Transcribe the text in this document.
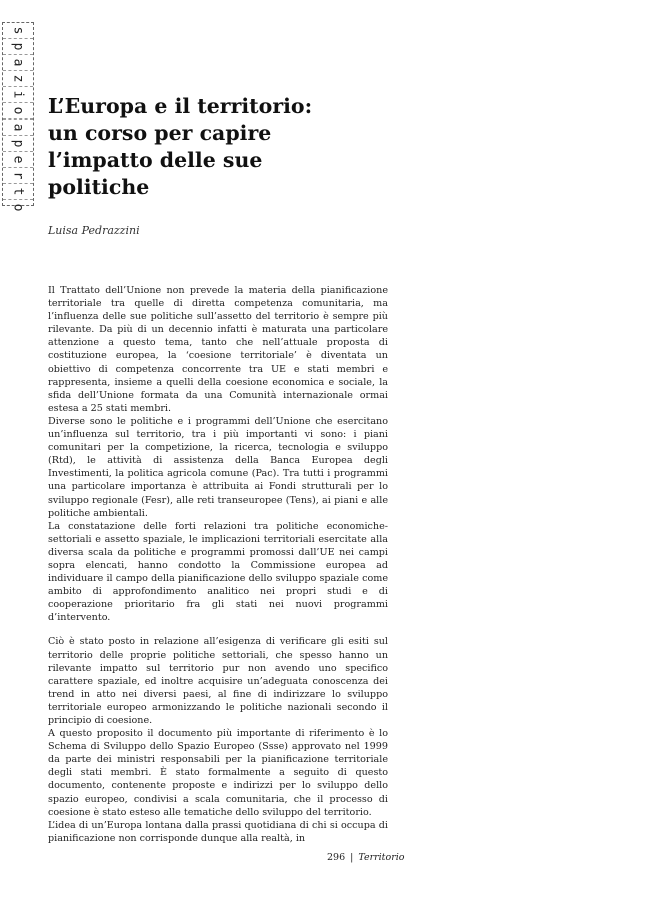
s
p
a
z
i
o
a
p
e
r
t
o
L’Europa e il territorio: un corso per capire l’impatto delle sue politiche

Luisa Pedrazzini

Il Trattato dell’Unione non prevede la materia della pianificazione territoriale tra quelle di diretta competenza comunitaria, ma l’influenza delle sue politiche sull’assetto del territorio è sempre più rilevante. Da più di un decennio infatti è maturata una particolare attenzione a questo tema, tanto che nell’attuale proposta di costituzione europea, la ‘coesione territoriale’ è diventata un obiettivo di competenza concorrente tra UE e stati membri e rappresenta, insieme a quelli della coesione economica e sociale, la sfida dell’Unione formata da una Comunità internazionale ormai estesa a 25 stati membri.

Diverse sono le politiche e i programmi dell’Unione che esercitano un’influenza sul territorio, tra i più importanti vi sono: i piani comunitari per la competizione, la ricerca, tecnologia e sviluppo (Rtd), le attività di assistenza della Banca Europea degli Investimenti, la politica agricola comune (Pac). Tra tutti i programmi una particolare importanza è attribuita ai Fondi strutturali per lo sviluppo regionale (Fesr), alle reti transeuropee (Tens), ai piani e alle politiche ambientali.

La constatazione delle forti relazioni tra politiche economiche-settoriali e assetto spaziale, le implicazioni territoriali esercitate alla diversa scala da politiche e programmi promossi dall’UE nei campi sopra elencati, hanno condotto la Commissione europea ad individuare il campo della pianificazione dello sviluppo spaziale come ambito di approfondimento analitico nei propri studi e di cooperazione prioritario fra gli stati nei nuovi programmi d’intervento.

Ciò è stato posto in relazione all’esigenza di verificare gli esiti sul territorio delle proprie politiche settoriali, che spesso hanno un rilevante impatto sul territorio pur non avendo uno specifico carattere spaziale, ed inoltre acquisire un’adeguata conoscenza dei trend in atto nei diversi paesi, al fine di indirizzare lo sviluppo territoriale europeo armonizzando le politiche nazionali secondo il principio di coesione.

A questo proposito il documento più importante di riferimento è lo Schema di Sviluppo dello Spazio Europeo (Ssse) approvato nel 1999 da parte dei ministri responsabili per la pianificazione territoriale degli stati membri. È stato formalmente a seguito di questo documento, contenente proposte e indirizzi per lo sviluppo dello spazio europeo, condivisi a scala comunitaria, che il processo di coesione è stato esteso alle tematiche dello sviluppo del territorio.

L’idea di un’Europa lontana dalla prassi quotidiana di chi si occupa di pianificazione non corrisponde dunque alla realtà, in

296 | Territorio
